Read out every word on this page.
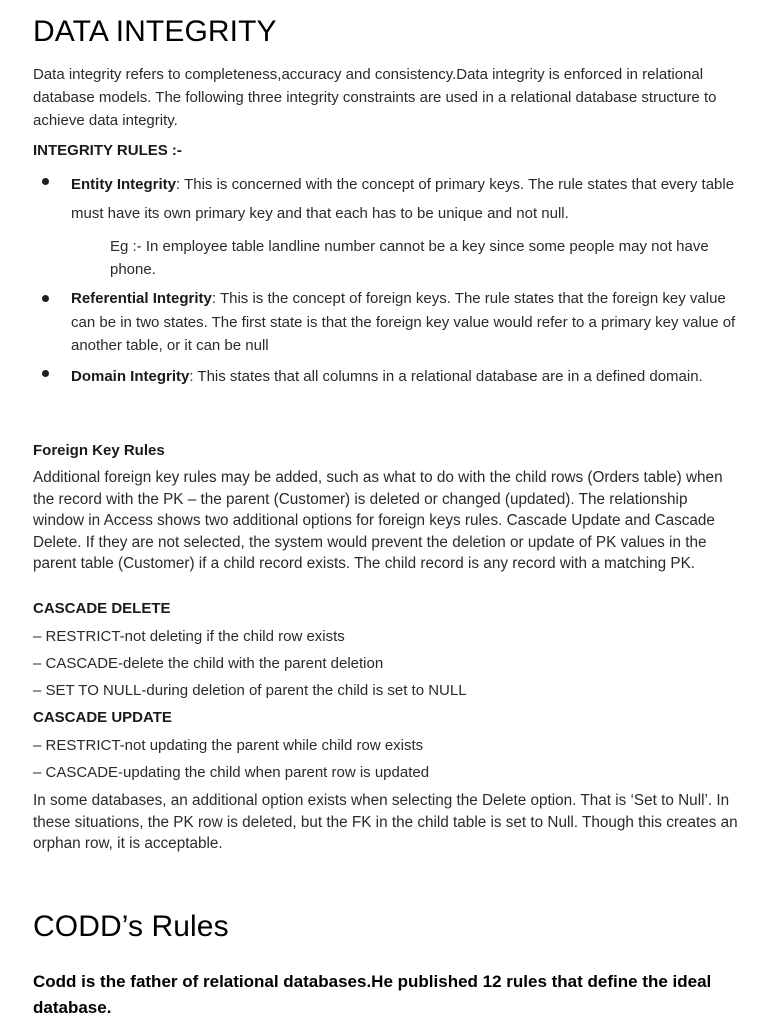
DATA INTEGRITY

Data integrity refers to completeness,accuracy and consistency.Data integrity is enforced in relational database models. The following three integrity constraints are used in a relational database structure to achieve data integrity.

INTEGRITY RULES :-
Entity Integrity: This is concerned with the concept of primary keys. The rule states that every table must have its own primary key and that each has to be unique and not null.

Eg :- In employee table landline number cannot be a key since some people may not have phone.

Referential Integrity: This is the concept of foreign keys. The rule states that the foreign key value can be in two states. The first state is that the foreign key value would refer to a primary key value of another table, or it can be null
Domain Integrity: This states that all columns in a relational database are in a defined domain.
Foreign Key Rules

Additional foreign key rules may be added, such as what to do with the child rows (Orders table) when the record with the PK – the parent (Customer) is deleted or changed (updated). The relationship window in Access shows two additional options for foreign keys rules. Cascade Update and Cascade Delete. If they are not selected, the system would prevent the deletion or update of PK values in the parent table (Customer) if a child record exists. The child record is any record with a matching PK.

CASCADE DELETE
– RESTRICT-not deleting if the child row exists
– CASCADE-delete the child with the parent deletion
– SET TO NULL-during deletion of parent the child is set to NULL
CASCADE UPDATE
– RESTRICT-not updating the parent while child row exists
– CASCADE-updating the child when parent row is updated

In some databases, an additional option exists when selecting the Delete option. That is ‘Set to Null’. In these situations, the PK row is deleted, but the FK in the child table is set to Null. Though this creates an orphan row, it is acceptable.

CODD’s Rules

Codd is the father of relational databases.He published 12 rules that define the ideal database.
